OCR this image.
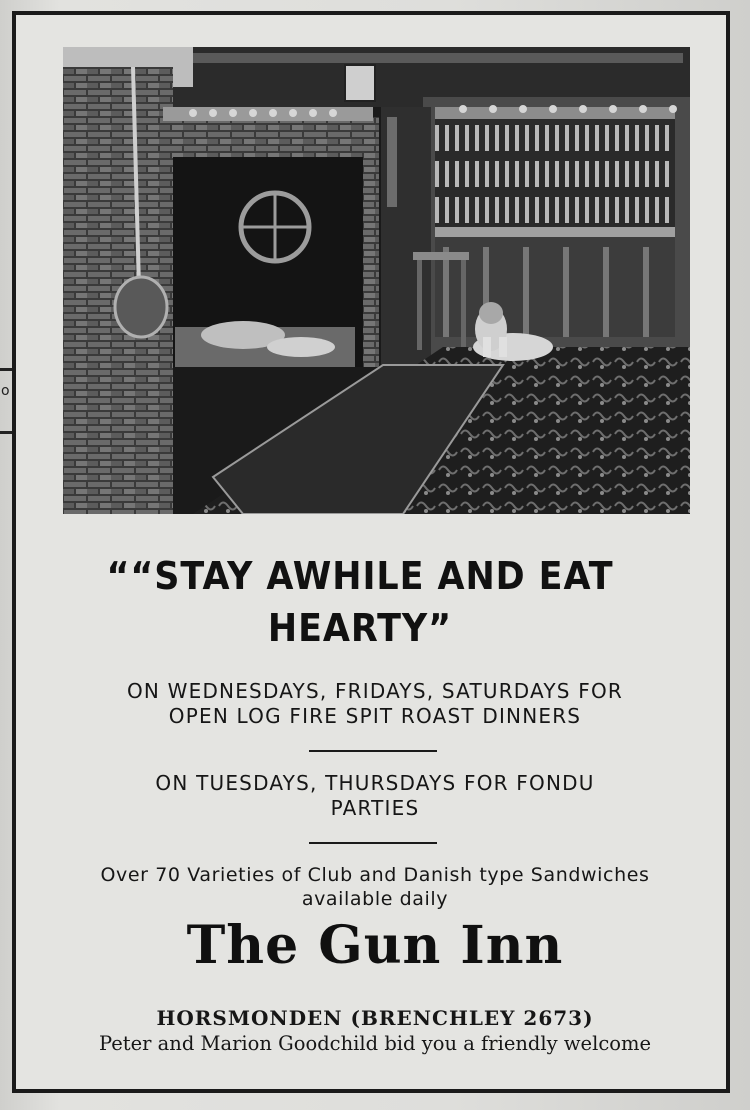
o
““STAY AWHILE AND EAT
HEARTY”
ON WEDNESDAYS, FRIDAYS, SATURDAYS FOR
OPEN LOG FIRE SPIT ROAST DINNERS
ON TUESDAYS, THURSDAYS FOR FONDU
PARTIES
Over 70 Varieties of Club and Danish type Sandwiches
available daily
The Gun Inn
HORSMONDEN (BRENCHLEY 2673)
Peter and Marion Goodchild bid you a friendly welcome
